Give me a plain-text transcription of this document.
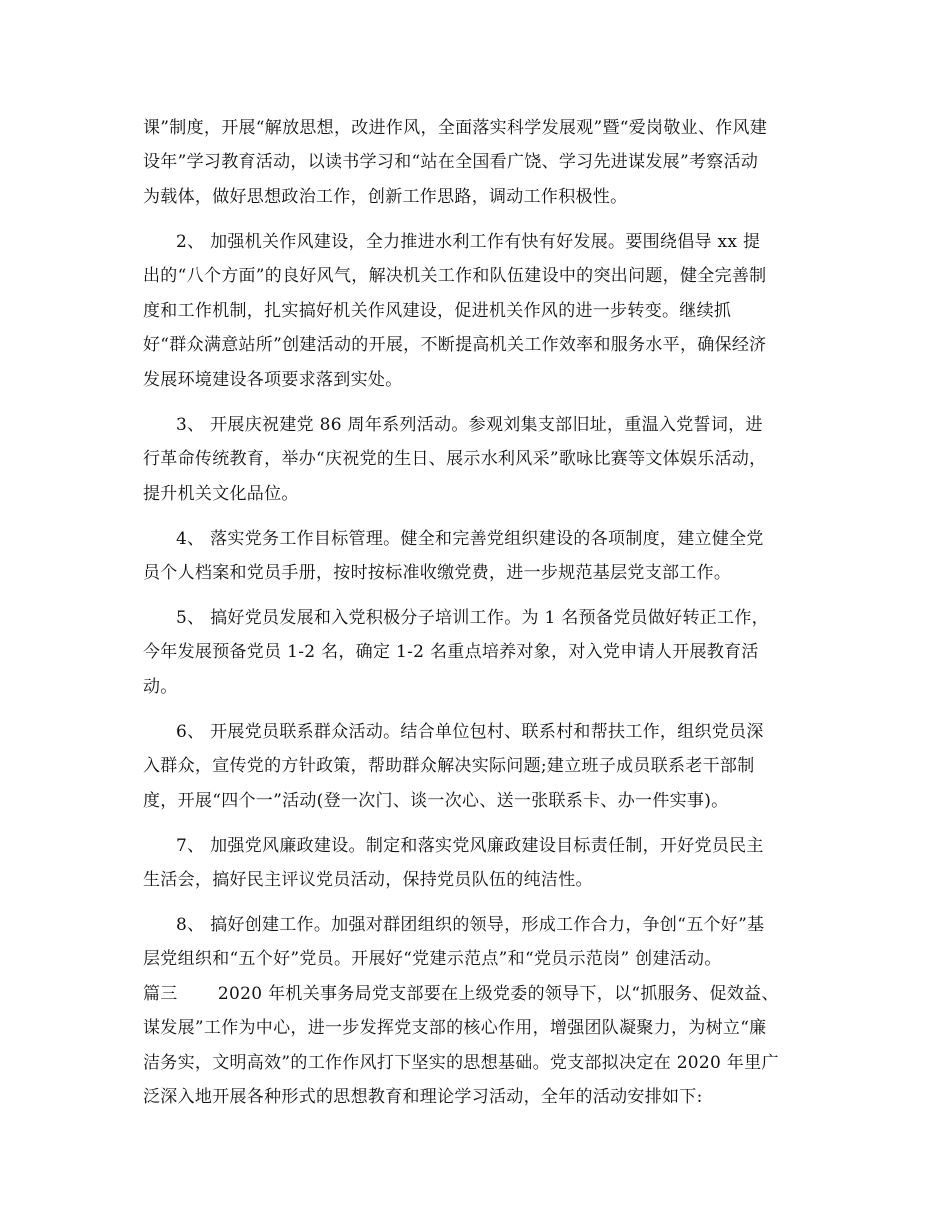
课”制度，开展“解放思想，改进作风，全面落实科学发展观”暨“爱岗敬业、作风建
设年”学习教育活动，以读书学习和“站在全国看广饶、学习先进谋发展”考察活动
为载体，做好思想政治工作，创新工作思路，调动工作积极性。
2、 加强机关作风建设，全力推进水利工作有快有好发展。要围绕倡导 xx 提
出的“八个方面”的良好风气，解决机关工作和队伍建设中的突出问题，健全完善制
度和工作机制，扎实搞好机关作风建设，促进机关作风的进一步转变。继续抓
好“群众满意站所”创建活动的开展，不断提高机关工作效率和服务水平，确保经济
发展环境建设各项要求落到实处。
3、 开展庆祝建党 86 周年系列活动。参观刘集支部旧址，重温入党誓词，进
行革命传统教育，举办“庆祝党的生日、展示水利风采”歌咏比赛等文体娱乐活动，
提升机关文化品位。
4、 落实党务工作目标管理。健全和完善党组织建设的各项制度，建立健全党
员个人档案和党员手册，按时按标准收缴党费，进一步规范基层党支部工作。
5、 搞好党员发展和入党积极分子培训工作。为 1 名预备党员做好转正工作，
今年发展预备党员 1-2 名，确定 1-2 名重点培养对象，对入党申请人开展教育活
动。
6、 开展党员联系群众活动。结合单位包村、联系村和帮扶工作，组织党员深
入群众，宣传党的方针政策，帮助群众解决实际问题;建立班子成员联系老干部制
度，开展“四个一”活动(登一次门、谈一次心、送一张联系卡、办一件实事)。
7、 加强党风廉政建设。制定和落实党风廉政建设目标责任制，开好党员民主
生活会，搞好民主评议党员活动，保持党员队伍的纯洁性。
8、 搞好创建工作。加强对群团组织的领导，形成工作合力，争创“五个好”基
层党组织和“五个好”党员。开展好“党建示范点”和“党员示范岗” 创建活动。
篇三　　 2020 年机关事务局党支部要在上级党委的领导下，以“抓服务、促效益、
谋发展”工作为中心，进一步发挥党支部的核心作用，增强团队凝聚力，为树立“廉
洁务实，文明高效”的工作作风打下坚实的思想基础。党支部拟决定在 2020 年里广
泛深入地开展各种形式的思想教育和理论学习活动，全年的活动安排如下:
